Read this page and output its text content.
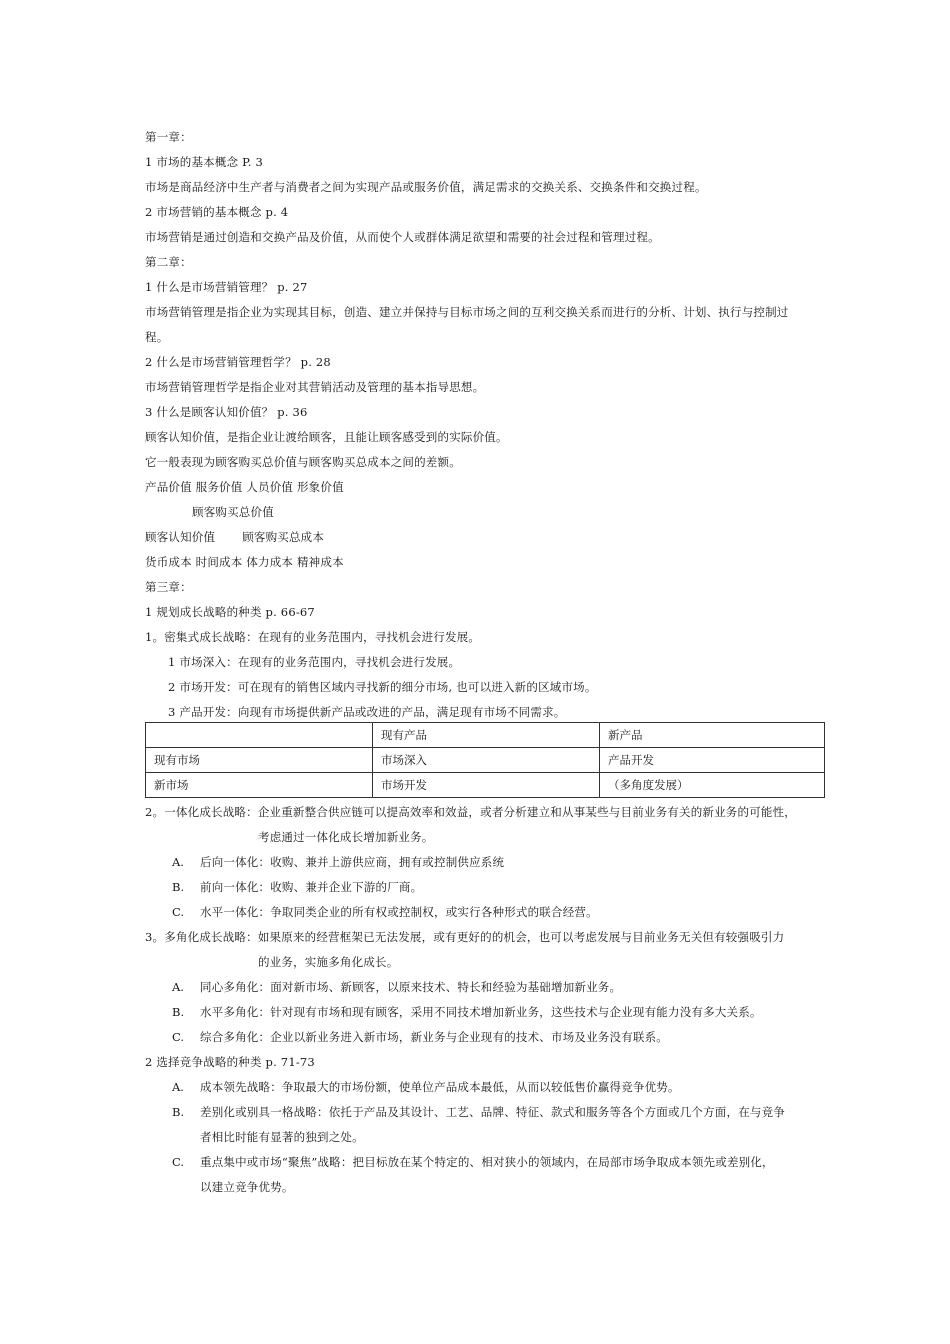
第一章：
1 市场的基本概念 P. 3
市场是商品经济中生产者与消费者之间为实现产品或服务价值，满足需求的交换关系、交换条件和交换过程。
2 市场营销的基本概念 p. 4
市场营销是通过创造和交换产品及价值，从而使个人或群体满足欲望和需要的社会过程和管理过程。
第二章：
1 什么是市场营销管理？ p. 27
市场营销管理是指企业为实现其目标，创造、建立并保持与目标市场之间的互利交换关系而进行的分析、计划、执行与控制过
程。
2 什么是市场营销管理哲学？ p. 28
市场营销管理哲学是指企业对其营销活动及管理的基本指导思想。
3 什么是顾客认知价值？ p. 36
顾客认知价值，是指企业让渡给顾客，且能让顾客感受到的实际价值。
它一般表现为顾客购买总价值与顾客购买总成本之间的差额。
产品价值 服务价值 人员价值 形象价值
顾客购买总价值
顾客认知价值       顾客购买总成本
货币成本 时间成本 体力成本 精神成本
第三章：
1 规划成长战略的种类 p. 66-67
1。密集式成长战略：在现有的业务范围内，寻找机会进行发展。
1 市场深入：在现有的业务范围内，寻找机会进行发展。
2 市场开发：可在现有的销售区域内寻找新的细分市场, 也可以进入新的区域市场。
3 产品开发：向现有市场提供新产品或改进的产品，满足现有市场不同需求。
	现有产品	新产品
现有市场	市场深入	产品开发
新市场	市场开发	（多角度发展）
2。一体化成长战略：企业重新整合供应链可以提高效率和效益，或者分析建立和从事某些与目前业务有关的新业务的可能性，
考虑通过一体化成长增加新业务。
A. 后向一体化：收购、兼并上游供应商，拥有或控制供应系统
B. 前向一体化：收购、兼并企业下游的厂商。
C. 水平一体化：争取同类企业的所有权或控制权，或实行各种形式的联合经营。
3。多角化成长战略：如果原来的经营框架已无法发展，或有更好的的机会，也可以考虑发展与目前业务无关但有较强吸引力
的业务，实施多角化成长。
A. 同心多角化：面对新市场、新顾客，以原来技术、特长和经验为基础增加新业务。
B. 水平多角化：针对现有市场和现有顾客，采用不同技术增加新业务，这些技术与企业现有能力没有多大关系。
C. 综合多角化：企业以新业务进入新市场，新业务与企业现有的技术、市场及业务没有联系。
2 选择竞争战略的种类 p. 71-73
A. 成本领先战略：争取最大的市场份额，使单位产品成本最低，从而以较低售价赢得竞争优势。
B. 差别化或别具一格战略：依托于产品及其设计、工艺、品牌、特征、款式和服务等各个方面或几个方面，在与竞争
者相比时能有显著的独到之处。
C. 重点集中或市场“聚焦”战略：把目标放在某个特定的、相对狭小的领域内，在局部市场争取成本领先或差别化，
以建立竞争优势。
